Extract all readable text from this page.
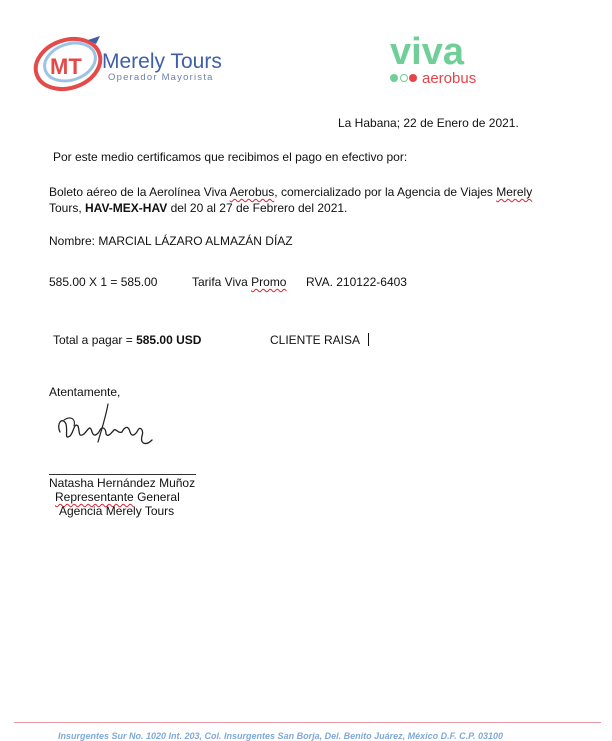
MT Merely Tours
Operador Mayorista
viva
aerobus
La Habana; 22 de Enero de 2021.
Por este medio certificamos que recibimos el pago en efectivo por:
Boleto aéreo de la Aerolínea Viva Aerobus, comercializado por la Agencia de Viajes Merely
Tours, HAV-MEX-HAV del 20 al 27 de Febrero del 2021.
Nombre: MARCIAL LÁZARO ALMAZÁN DÍAZ
585.00 X 1 = 585.00	Tarifa Viva Promo RVA. 210122-6403
Total a pagar = 585.00 USD	CLIENTE RAISA
Atentamente,
Natasha Hernández Muñoz
Representante General
Agencia Merely Tours
Insurgentes Sur No. 1020 Int. 203, Col. Insurgentes San Borja, Del. Benito Juárez, México D.F. C.P. 03100
